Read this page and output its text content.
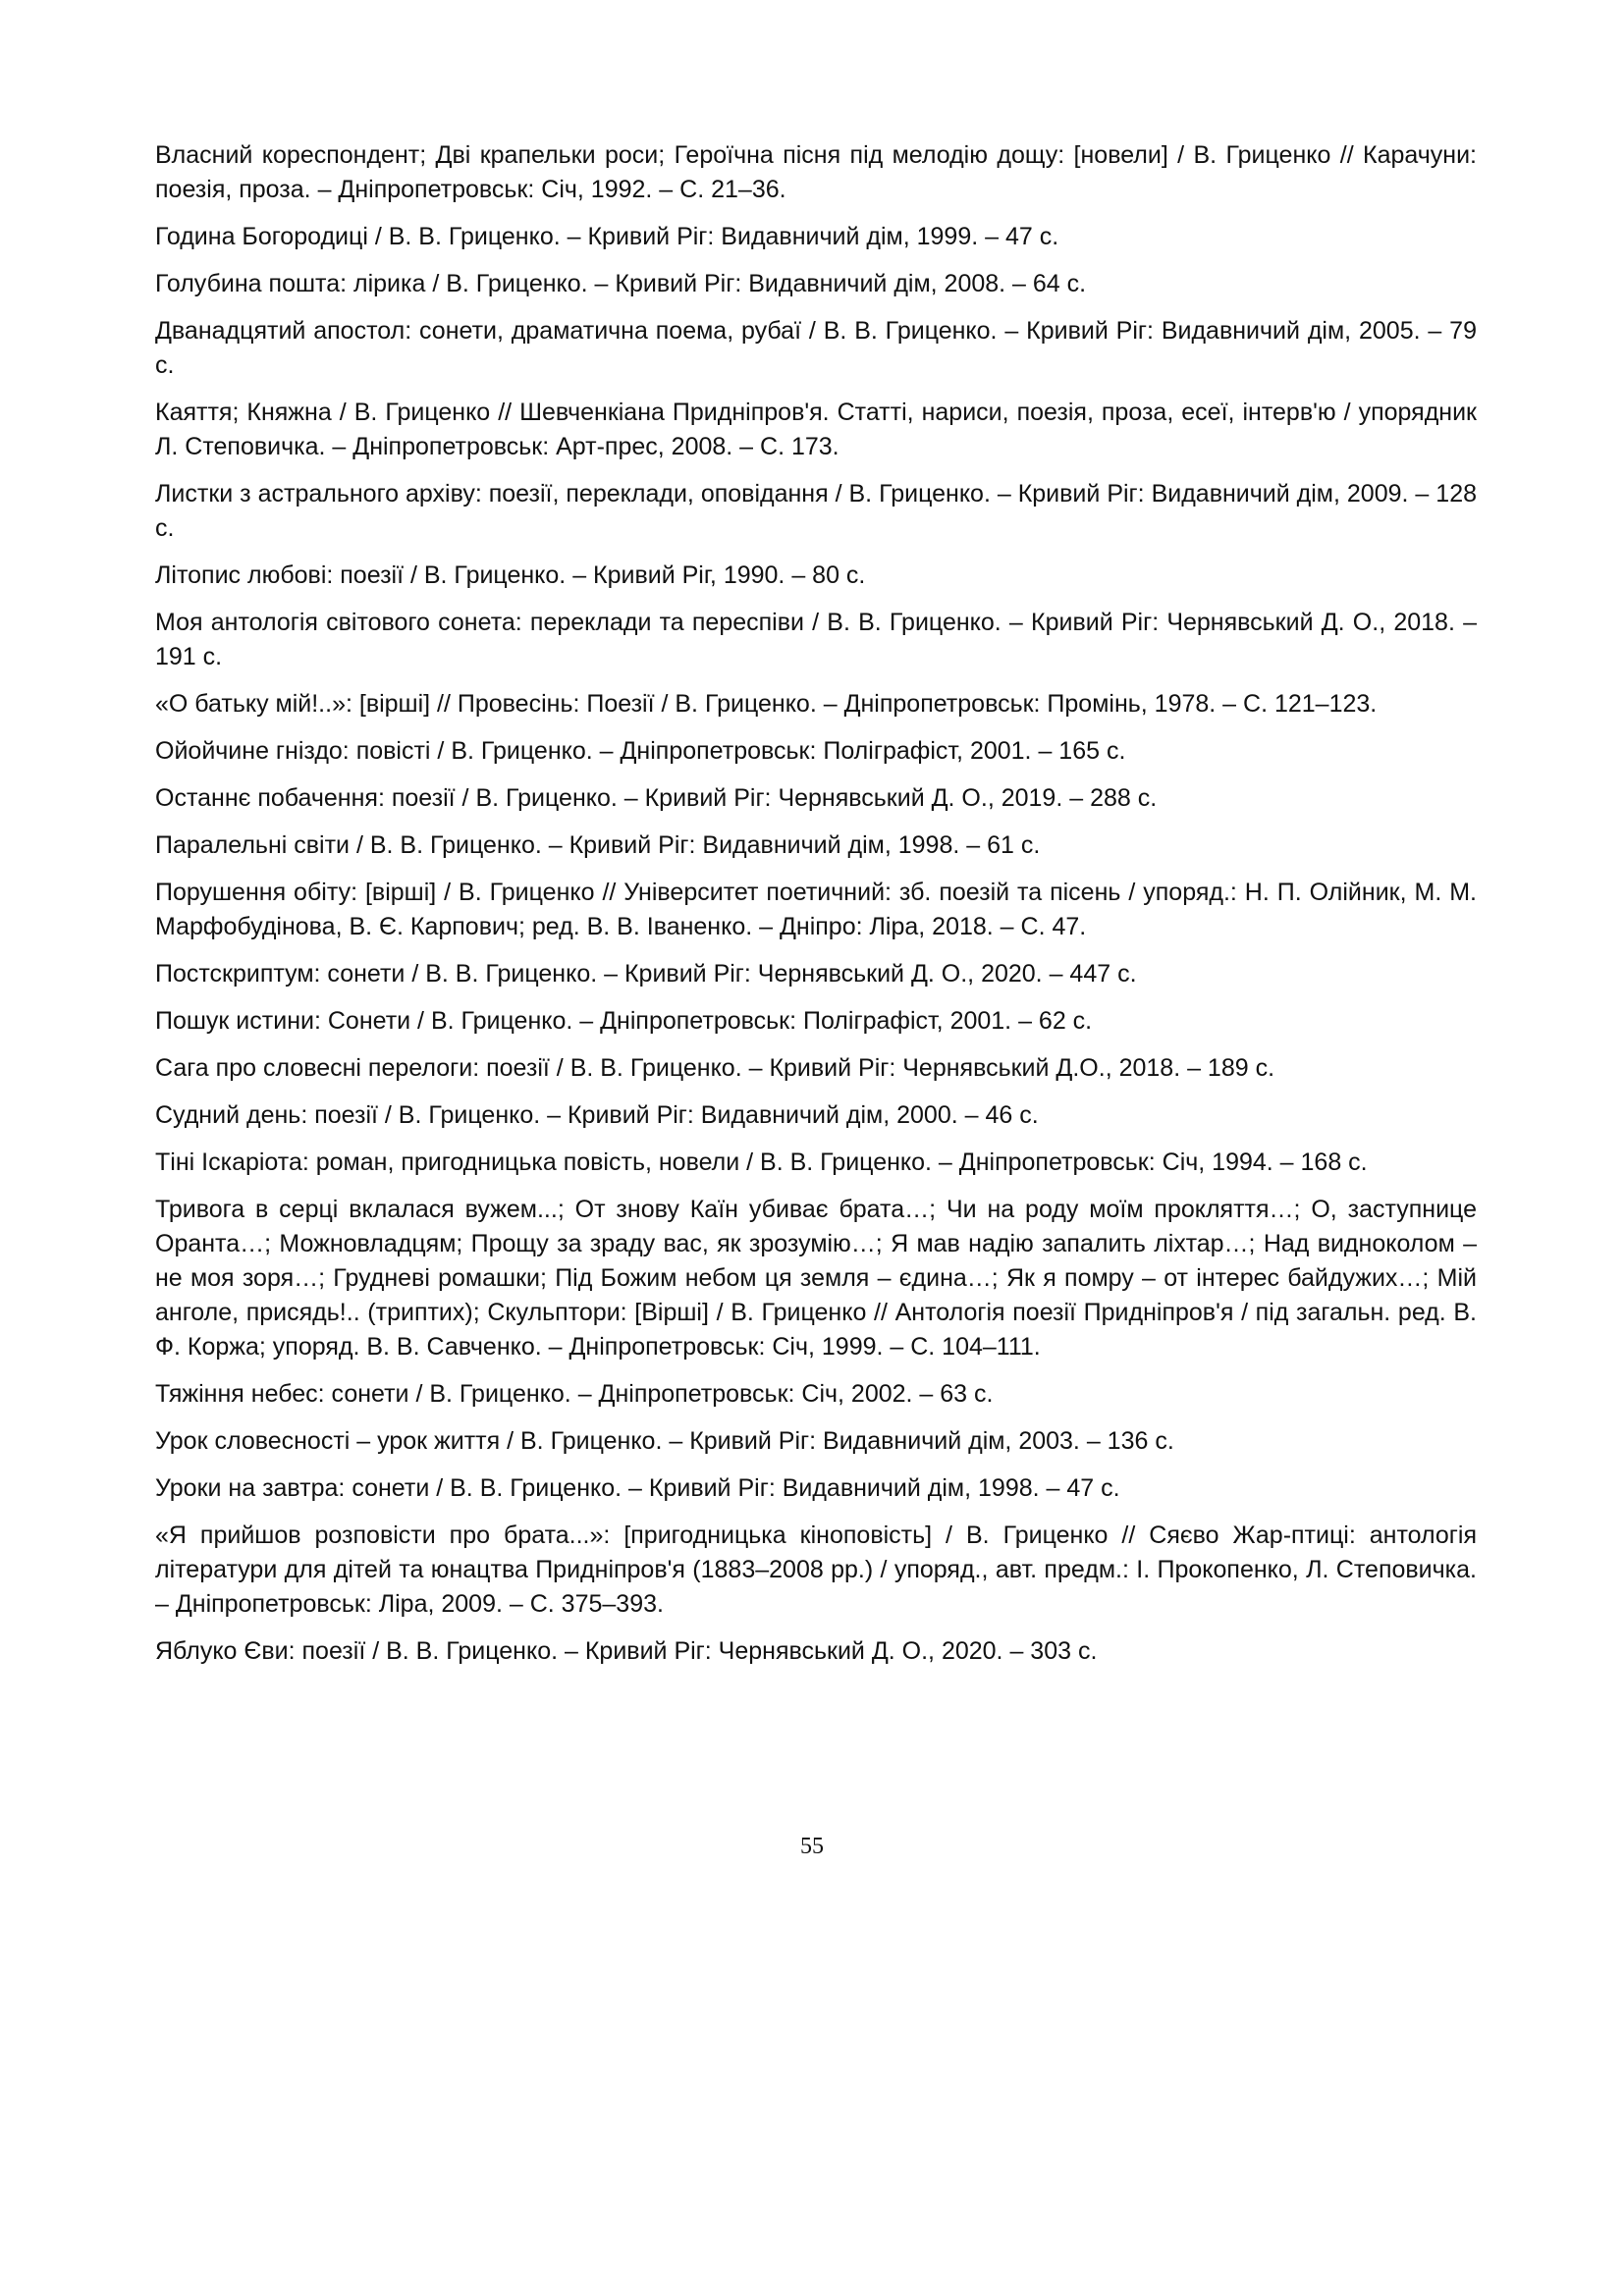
Власний кореспондент; Дві крапельки роси; Героїчна пісня під мелодію дощу: [новели] / В. Гриценко // Карачуни: поезія, проза. – Дніпропетровськ: Січ, 1992. – С. 21–36.
Година Богородиці / В. В. Гриценко. – Кривий Ріг: Видавничий дім, 1999. – 47 с.
Голубина пошта: лірика / В. Гриценко. – Кривий Ріг: Видавничий дім, 2008. – 64 с.
Дванадцятий апостол: сонети, драматична поема, рубаї / В. В. Гриценко. – Кривий Ріг: Видавничий дім, 2005. – 79 с.
Каяття; Княжна / В. Гриценко // Шевченкіана Придніпров'я. Статті, нариси, поезія, проза, есеї, інтерв'ю / упорядник Л. Степовичка. – Дніпропетровськ: Арт-прес, 2008. – С. 173.
Листки з астрального архіву: поезії, переклади, оповідання / В. Гриценко. – Кривий Ріг: Видавничий дім, 2009. – 128 с.
Літопис любові: поезії / В. Гриценко. – Кривий Ріг, 1990. – 80 с.
Моя антологія світового сонета: переклади та переспіви / В. В. Гриценко. – Кривий Ріг: Чернявський Д. О., 2018. – 191 с.
«О батьку мій!..»: [вірші] // Провесінь: Поезії / В. Гриценко. – Дніпропетровськ: Промінь, 1978. – С. 121–123.
Ойойчине гніздо: повісті / В. Гриценко. – Дніпропетровськ: Поліграфіст, 2001. – 165 с.
Останнє побачення: поезії / В. Гриценко. – Кривий Ріг: Чернявський Д. О., 2019. – 288 с.
Паралельні світи / В. В. Гриценко. – Кривий Ріг: Видавничий дім, 1998. – 61 с.
Порушення обіту: [вірші] / В. Гриценко // Університет поетичний: зб. поезій та пісень / упоряд.: Н. П. Олійник, М. М. Марфобудінова, В. Є. Карпович; ред. В. В. Іваненко. – Дніпро: Ліра, 2018. – С. 47.
Постскриптум: сонети / В. В. Гриценко. – Кривий Ріг: Чернявський Д. О., 2020. – 447 с.
Пошук истини: Сонети / В. Гриценко. – Дніпропетровськ: Поліграфіст, 2001. – 62 с.
Сага про словесні перелоги: поезії / В. В. Гриценко. – Кривий Ріг: Чернявський Д.О., 2018. – 189 с.
Судний день: поезії / В. Гриценко. – Кривий Ріг: Видавничий дім, 2000. – 46 с.
Тіні Іскаріота: роман, пригодницька повість, новели / В. В. Гриценко. – Дніпропетровськ: Січ, 1994. – 168 с.
Тривога в серці вклалася вужем...; От знову Каїн убиває брата…; Чи на роду моїм прокляття…; О, заступнице Оранта…; Можновладцям; Прощу за зраду вас, як зрозумію…; Я мав надію запалить ліхтар…; Над видноколом – не моя зоря…; Грудневі ромашки; Під Божим небом ця земля – єдина…; Як я помру – от інтерес байдужих…; Мій анголе, присядь!.. (триптих); Скульптори: [Вірші] / В. Гриценко // Антологія поезії Придніпров'я / під загальн. ред. В. Ф. Коржа; упоряд. В. В. Савченко. – Дніпропетровськ: Січ, 1999. – С. 104–111.
Тяжіння небес: сонети / В. Гриценко. – Дніпропетровськ: Січ, 2002. – 63 с.
Урок словесності – урок життя / В. Гриценко. – Кривий Ріг: Видавничий дім, 2003. – 136 с.
Уроки на завтра: сонети / В. В. Гриценко. – Кривий Ріг: Видавничий дім, 1998. – 47 с.
«Я прийшов розповісти про брата...»: [пригодницька кіноповість] / В. Гриценко // Сяєво Жар-птиці: антологія літератури для дітей та юнацтва Придніпров'я (1883–2008 рр.) / упоряд., авт. предм.: І. Прокопенко, Л. Степовичка. – Дніпропетровськ: Ліра, 2009. – С. 375–393.
Яблуко Єви: поезії / В. В. Гриценко. – Кривий Ріг: Чернявський Д. О., 2020. – 303 с.
55
